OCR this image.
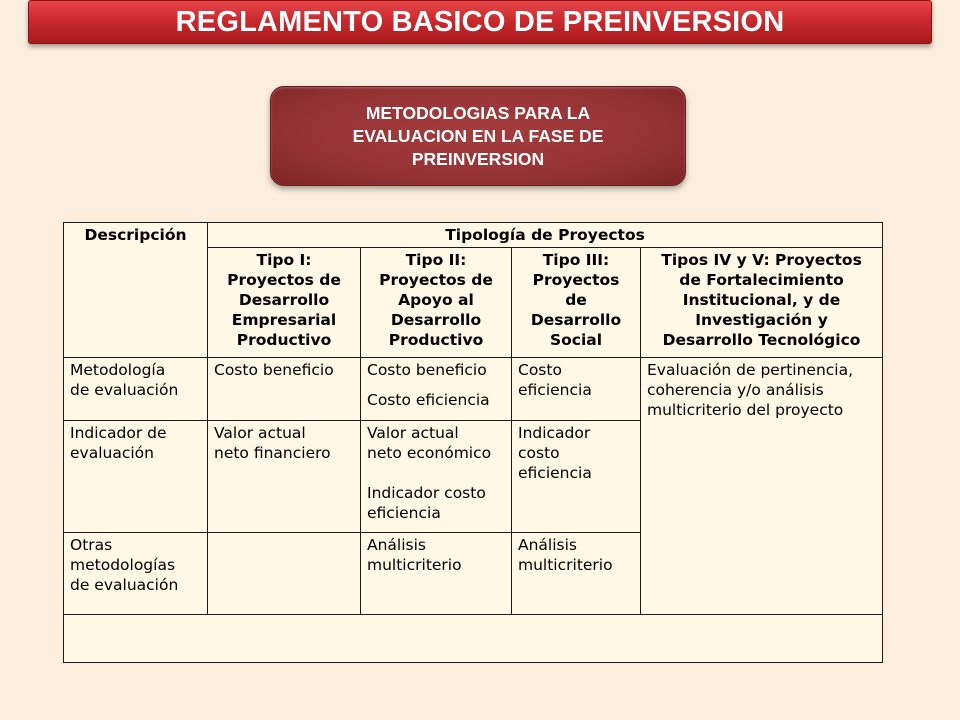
REGLAMENTO BASICO DE PREINVERSION
METODOLOGIAS PARA LA
EVALUACION EN LA FASE DE
PREINVERSION
Descripción	Tipología de Proyectos			
	Tipo I:
Proyectos de
Desarrollo
Empresarial
Productivo	Tipo II:
Proyectos de
Apoyo al
Desarrollo
Productivo	Tipo III:
Proyectos
de
Desarrollo
Social	Tipos IV y V: Proyectos
de Fortalecimiento
Institucional, y de
Investigación y
Desarrollo Tecnológico
Metodología
de evaluación	Costo beneficio	Costo beneficio
Costo eficiencia	Costo
eficiencia	Evaluación de pertinencia,
coherencia y/o análisis
multicriterio del proyecto
Indicador de
evaluación	Valor actual
neto financiero	Valor actual
neto económico
Indicador costo
eficiencia	Indicador
costo
eficiencia	
Otras
metodologías
de evaluación		Análisis
multicriterio	Análisis
multicriterio	
